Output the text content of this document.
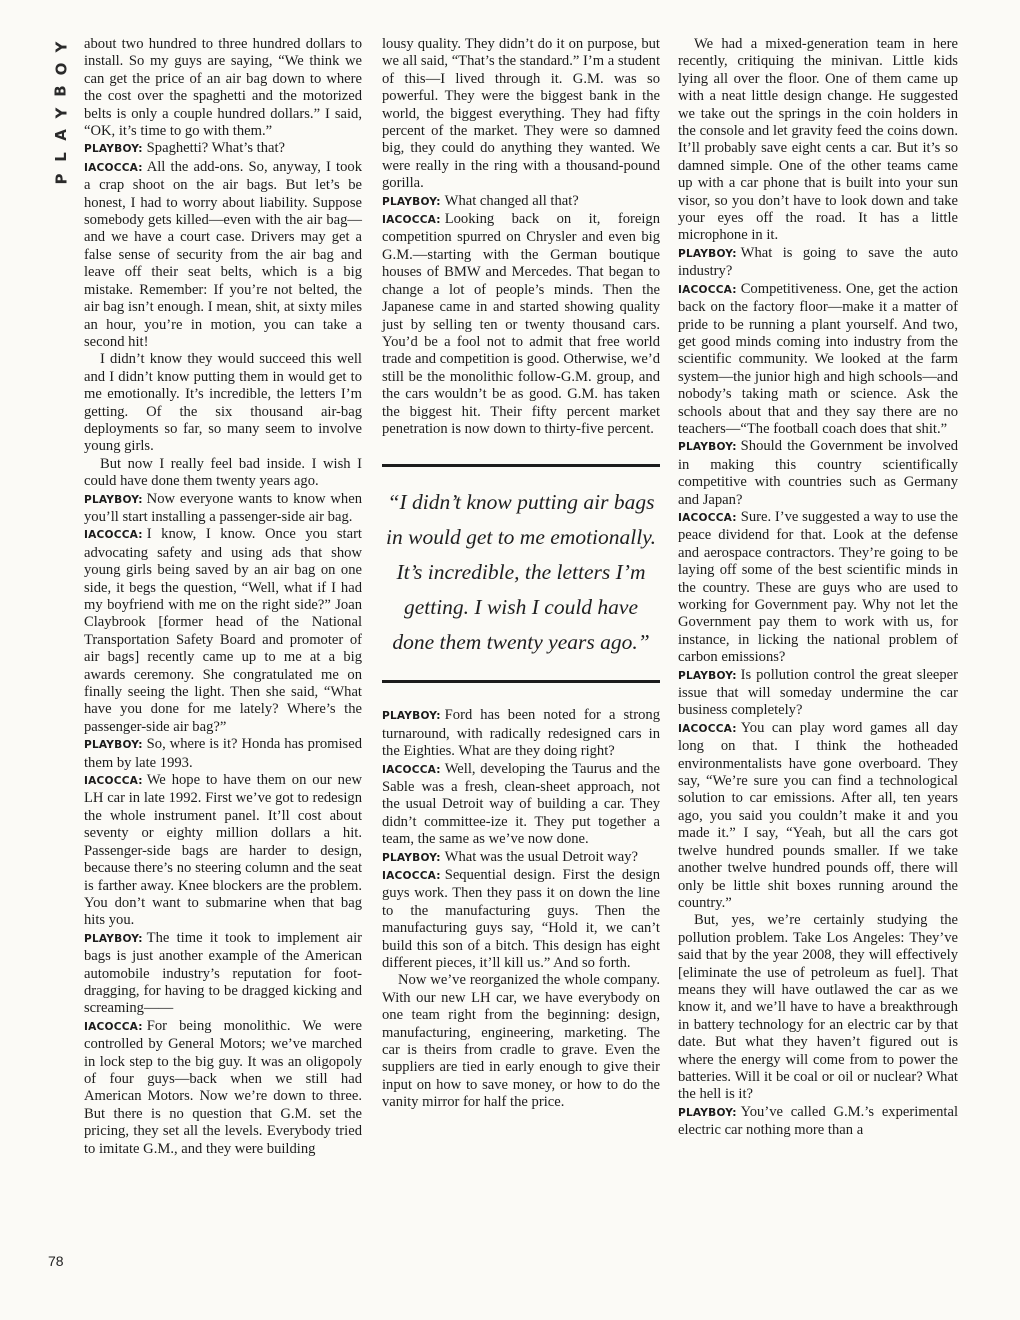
Y
O
B
Y
A
L
P
78

about two hundred to three hundred dollars to install. So my guys are saying, “We think we can get the price of an air bag down to where the cost over the spaghetti and the motorized belts is only a couple hundred dollars.” I said, “OK, it’s time to go with them.”

PLAYBOY: Spaghetti? What’s that?

IACOCCA: All the add-ons. So, anyway, I took a crap shoot on the air bags. But let’s be honest, I had to worry about liability. Suppose somebody gets killed—even with the air bag—and we have a court case. Drivers may get a false sense of security from the air bag and leave off their seat belts, which is a big mistake. Remember: If you’re not belted, the air bag isn’t enough. I mean, shit, at sixty miles an hour, you’re in motion, you can take a second hit!

I didn’t know they would succeed this well and I didn’t know putting them in would get to me emotionally. It’s incredible, the letters I’m getting. Of the six thousand air-bag deployments so far, so many seem to involve young girls.

But now I really feel bad inside. I wish I could have done them twenty years ago.

PLAYBOY: Now everyone wants to know when you’ll start installing a passenger-side air bag.

IACOCCA: I know, I know. Once you start advocating safety and using ads that show young girls being saved by an air bag on one side, it begs the question, “Well, what if I had my boyfriend with me on the right side?” Joan Claybrook [former head of the National Transportation Safety Board and promoter of air bags] recently came up to me at a big awards ceremony. She congratulated me on finally seeing the light. Then she said, “What have you done for me lately? Where’s the passenger-side air bag?”

PLAYBOY: So, where is it? Honda has promised them by late 1993.

IACOCCA: We hope to have them on our new LH car in late 1992. First we’ve got to redesign the whole instrument panel. It’ll cost about seventy or eighty million dollars a hit. Passenger-side bags are harder to design, because there’s no steering column and the seat is farther away. Knee blockers are the problem. You don’t want to submarine when that bag hits you.

PLAYBOY: The time it took to implement air bags is just another example of the American automobile industry’s reputation for foot-dragging, for having to be dragged kicking and screaming——

IACOCCA: For being monolithic. We were controlled by General Motors; we’ve marched in lock step to the big guy. It was an oligopoly of four guys—back when we still had American Motors. Now we’re down to three. But there is no question that G.M. set the pricing, they set all the levels. Everybody tried to imitate G.M., and they were building

lousy quality. They didn’t do it on purpose, but we all said, “That’s the standard.” I’m a student of this—I lived through it. G.M. was so powerful. They were the biggest bank in the world, the biggest everything. They had fifty percent of the market. They were so damned big, they could do anything they wanted. We were really in the ring with a thousand-pound gorilla.

PLAYBOY: What changed all that?

IACOCCA: Looking back on it, foreign competition spurred on Chrysler and even big G.M.—starting with the German boutique houses of BMW and Mercedes. That began to change a lot of people’s minds. Then the Japanese came in and started showing quality just by selling ten or twenty thousand cars. You’d be a fool not to admit that free world trade and competition is good. Otherwise, we’d still be the monolithic follow-G.M. group, and the cars wouldn’t be as good. G.M. has taken the biggest hit. Their fifty percent market penetration is now down to thirty-five percent.

“I didn’t know putting air bags in would get to me emotionally. It’s incredible, the letters I’m getting. I wish I could have done them twenty years ago.”

PLAYBOY: Ford has been noted for a strong turnaround, with radically redesigned cars in the Eighties. What are they doing right?

IACOCCA: Well, developing the Taurus and the Sable was a fresh, clean-sheet approach, not the usual Detroit way of building a car. They didn’t committee-ize it. They put together a team, the same as we’ve now done.

PLAYBOY: What was the usual Detroit way?

IACOCCA: Sequential design. First the design guys work. Then they pass it on down the line to the manufacturing guys. Then the manufacturing guys say, “Hold it, we can’t build this son of a bitch. This design has eight different pieces, it’ll kill us.” And so forth.

Now we’ve reorganized the whole company. With our new LH car, we have everybody on one team right from the beginning: design, manufacturing, engineering, marketing. The car is theirs from cradle to grave. Even the suppliers are tied in early enough to give their input on how to save money, or how to do the vanity mirror for half the price.

We had a mixed-generation team in here recently, critiquing the minivan. Little kids lying all over the floor. One of them came up with a neat little design change. He suggested we take out the springs in the coin holders in the console and let gravity feed the coins down. It’ll probably save eight cents a car. But it’s so damned simple. One of the other teams came up with a car phone that is built into your sun visor, so you don’t have to look down and take your eyes off the road. It has a little microphone in it.

PLAYBOY: What is going to save the auto industry?

IACOCCA: Competitiveness. One, get the action back on the factory floor—make it a matter of pride to be running a plant yourself. And two, get good minds coming into industry from the scientific community. We looked at the farm system—the junior high and high schools—and nobody’s taking math or science. Ask the schools about that and they say there are no teachers—“The football coach does that shit.”

PLAYBOY: Should the Government be involved in making this country scientifically competitive with countries such as Germany and Japan?

IACOCCA: Sure. I’ve suggested a way to use the peace dividend for that. Look at the defense and aerospace contractors. They’re going to be laying off some of the best scientific minds in the country. These are guys who are used to working for Government pay. Why not let the Government pay them to work with us, for instance, in licking the national problem of carbon emissions?

PLAYBOY: Is pollution control the great sleeper issue that will someday undermine the car business completely?

IACOCCA: You can play word games all day long on that. I think the hotheaded environmentalists have gone overboard. They say, “We’re sure you can find a technological solution to car emissions. After all, ten years ago, you said you couldn’t make it and you made it.” I say, “Yeah, but all the cars got twelve hundred pounds smaller. If we take another twelve hundred pounds off, there will only be little shit boxes running around the country.”

But, yes, we’re certainly studying the pollution problem. Take Los Angeles: They’ve said that by the year 2008, they will effectively [eliminate the use of petroleum as fuel]. That means they will have outlawed the car as we know it, and we’ll have to have a breakthrough in battery technology for an electric car by that date. But what they haven’t figured out is where the energy will come from to power the batteries. Will it be coal or oil or nuclear? What the hell is it?

PLAYBOY: You’ve called G.M.’s experimental electric car nothing more than a
